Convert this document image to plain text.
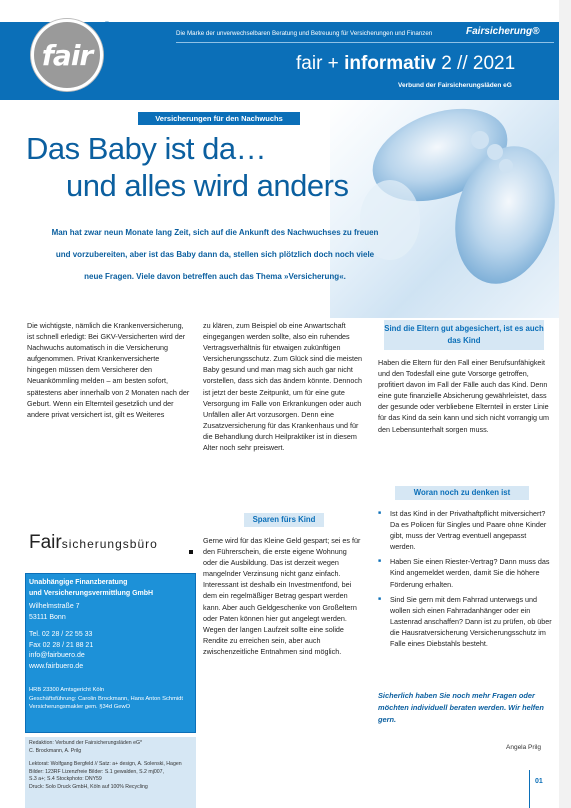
fair
®
Die Marke der unverwechselbaren Beratung und Betreuung für Versicherungen und Finanzen	Fairsicherung®
fair + informativ 2 // 2021
Verbund der Fairsicherungsläden eG
Versicherungen für den Nachwuchs
Das Baby ist da…
und alles wird anders
Man hat zwar neun Monate lang Zeit, sich auf die Ankunft des Nachwuchses zu freuen und vorzubereiten, aber ist das Baby dann da, stellen sich plötzlich doch noch viele neue Fragen. Viele davon betreffen auch das Thema »Versicherung«.
Die wichtigste, nämlich die Krankenversicherung, ist schnell erledigt: Bei GKV-Versicherten wird der Nachwuchs automatisch in die Versicherung aufgenommen. Privat Krankenversicherte hingegen müssen dem Versicherer den Neuankömmling melden – am besten sofort, spätestens aber innerhalb von 2 Monaten nach der Geburt. Wenn ein Elternteil gesetzlich und der andere privat versichert ist, gilt es Weiteres
zu klären, zum Beispiel ob eine Anwartschaft eingegangen werden sollte, also ein ruhendes Vertragsverhältnis für etwaigen zukünftigen Versicherungsschutz. Zum Glück sind die meisten Baby gesund und man mag sich auch gar nicht vorstellen, dass sich das ändern könnte. Dennoch ist jetzt der beste Zeitpunkt, um für eine gute Versorgung im Falle von Erkrankungen oder auch Unfällen aller Art vorzusorgen. Denn eine Zusatzversicherung für das Krankenhaus und für die Behandlung durch Heilpraktiker ist in diesem Alter noch sehr preiswert.
Sind die Eltern gut abgesichert, ist es auch das Kind
Haben die Eltern für den Fall einer Berufsunfähigkeit und den Todesfall eine gute Vorsorge getroffen, profitiert davon im Fall der Fälle auch das Kind. Denn eine gute finanzielle Absicherung gewährleistet, dass der gesunde oder verbliebene Elternteil in erster Linie für das Kind da sein kann und sich nicht vorrangig um den Lebensunterhalt sorgen muss.
Sparen fürs Kind
Gerne wird für das Kleine Geld gespart; sei es für den Führerschein, die erste eigene Wohnung oder die Ausbildung. Das ist derzeit wegen mangelnder Verzinsung nicht ganz einfach. Interessant ist deshalb ein Investmentfond, bei dem ein regelmäßiger Betrag gespart werden kann. Aber auch Geldgeschenke von Großeltern oder Paten können hier gut angelegt werden. Wegen der langen Laufzeit sollte eine solide Rendite zu erreichen sein, aber auch zwischenzeitliche Entnahmen sind möglich.
Woran noch zu denken ist
■ Ist das Kind in der Privathaftpflicht mitversichert? Da es Policen für Singles und Paare ohne Kinder gibt, muss der Vertrag eventuell angepasst werden.
■ Haben Sie einen Riester-Vertrag? Dann muss das Kind angemeldet werden, damit Sie die höhere Förderung erhalten.
■ Sind Sie gern mit dem Fahrrad unterwegs und wollen sich einen Fahrradanhänger oder ein Lastenrad anschaffen? Dann ist zu prüfen, ob über die Hausratversicherung Versicherungsschutz im Falle eines Diebstahls besteht.
Sicherlich haben Sie noch mehr Fragen oder möchten individuell beraten werden. Wir helfen gern.
Angela Prilg
Fairsicherungsbüro
Unabhängige Finanzberatung
und Versicherungsvermittlung GmbH
Wilhelmstraße 7
53111 Bonn
Tel. 02 28 / 22 55 33
Fax 02 28 / 21 88 21
info@fairbuero.de
www.fairbuero.de
HRB 23300 Amtsgericht Köln
Geschäftsführung: Carolin Brockmann, Hans Anton Schmidt
Versicherungsmakler gem. §34d GewO
Redaktion: Verbund der Fairsicherungsläden eG*
C. Brockmann, A. Prilg
Lektorat: Wolfgang Bergfeld // Satz: a+ design, A. Solenski, Hagen
Bilder: 123RF Lizenzfreie Bilder: S.1 gewalden, S.2 mj007,
S.3 a+; S.4 Stockphoto: DNY59
Druck: Solo Druck GmbH, Köln auf 100% Recycling
01
